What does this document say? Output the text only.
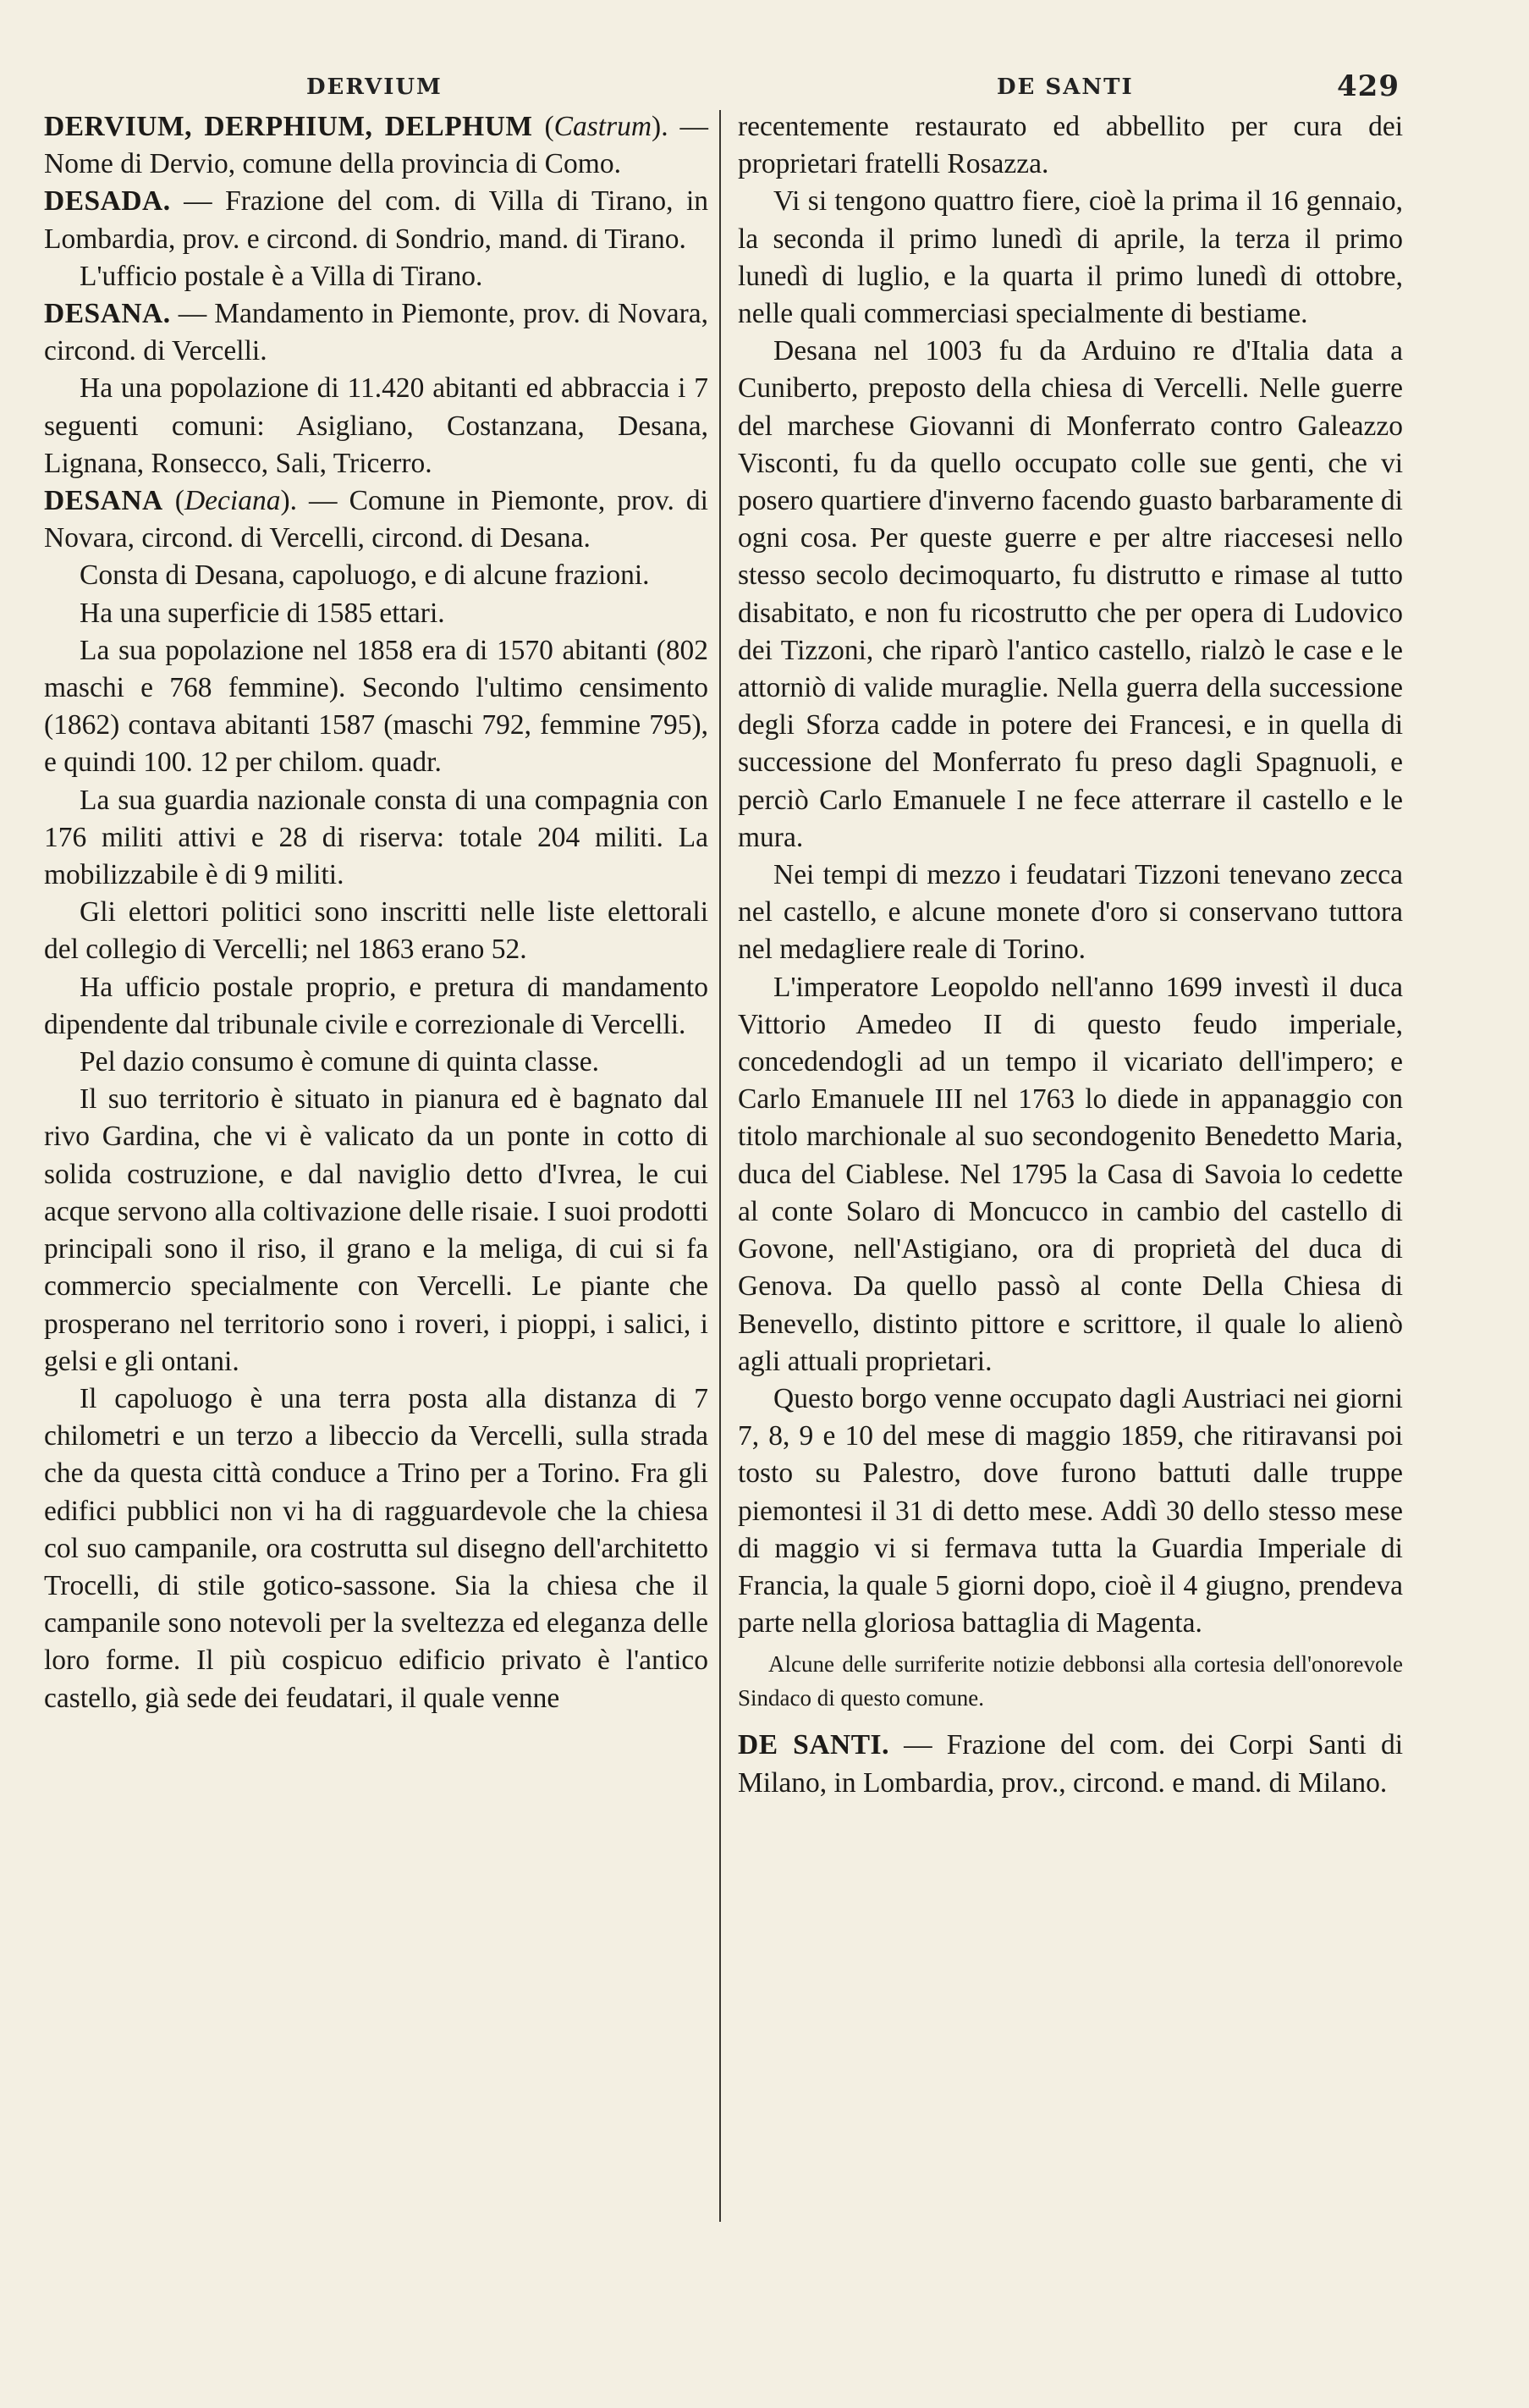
DERVIUM	DE SANTI	429

DERVIUM, DERPHIUM, DELPHUM (Castrum). — Nome di Dervio, comune della provincia di Como.

DESADA. — Frazione del com. di Villa di Tirano, in Lombardia, prov. e circond. di Sondrio, mand. di Tirano.

L'ufficio postale è a Villa di Tirano.

DESANA. — Mandamento in Piemonte, prov. di Novara, circond. di Vercelli.

Ha una popolazione di 11.420 abitanti ed abbraccia i 7 seguenti comuni: Asigliano, Costanzana, Desana, Lignana, Ronsecco, Sali, Tricerro.

DESANA (Deciana). — Comune in Piemonte, prov. di Novara, circond. di Vercelli, circond. di Desana.

Consta di Desana, capoluogo, e di alcune frazioni.

Ha una superficie di 1585 ettari.

La sua popolazione nel 1858 era di 1570 abitanti (802 maschi e 768 femmine). Secondo l'ultimo censimento (1862) contava abitanti 1587 (maschi 792, femmine 795), e quindi 100. 12 per chilom. quadr.

La sua guardia nazionale consta di una compagnia con 176 militi attivi e 28 di riserva: totale 204 militi. La mobilizzabile è di 9 militi.

Gli elettori politici sono inscritti nelle liste elettorali del collegio di Vercelli; nel 1863 erano 52.

Ha ufficio postale proprio, e pretura di mandamento dipendente dal tribunale civile e correzionale di Vercelli.

Pel dazio consumo è comune di quinta classe.

Il suo territorio è situato in pianura ed è bagnato dal rivo Gardina, che vi è valicato da un ponte in cotto di solida costruzione, e dal naviglio detto d'Ivrea, le cui acque servono alla coltivazione delle risaie. I suoi prodotti principali sono il riso, il grano e la meliga, di cui si fa commercio specialmente con Vercelli. Le piante che prosperano nel territorio sono i roveri, i pioppi, i salici, i gelsi e gli ontani.

Il capoluogo è una terra posta alla distanza di 7 chilometri e un terzo a libeccio da Vercelli, sulla strada che da questa città conduce a Trino per a Torino. Fra gli edifici pubblici non vi ha di ragguardevole che la chiesa col suo campanile, ora costrutta sul disegno dell'architetto Trocelli, di stile gotico-sassone. Sia la chiesa che il campanile sono notevoli per la sveltezza ed eleganza delle loro forme. Il più cospicuo edificio privato è l'antico castello, già sede dei feudatari, il quale venne

recentemente restaurato ed abbellito per cura dei proprietari fratelli Rosazza.

Vi si tengono quattro fiere, cioè la prima il 16 gennaio, la seconda il primo lunedì di aprile, la terza il primo lunedì di luglio, e la quarta il primo lunedì di ottobre, nelle quali commerciasi specialmente di bestiame.

Desana nel 1003 fu da Arduino re d'Italia data a Cuniberto, preposto della chiesa di Vercelli. Nelle guerre del marchese Giovanni di Monferrato contro Galeazzo Visconti, fu da quello occupato colle sue genti, che vi posero quartiere d'inverno facendo guasto barbaramente di ogni cosa. Per queste guerre e per altre riaccesesi nello stesso secolo decimoquarto, fu distrutto e rimase al tutto disabitato, e non fu ricostrutto che per opera di Ludovico dei Tizzoni, che riparò l'antico castello, rialzò le case e le attorniò di valide muraglie. Nella guerra della successione degli Sforza cadde in potere dei Francesi, e in quella di successione del Monferrato fu preso dagli Spagnuoli, e perciò Carlo Emanuele I ne fece atterrare il castello e le mura.

Nei tempi di mezzo i feudatari Tizzoni tenevano zecca nel castello, e alcune monete d'oro si conservano tuttora nel medagliere reale di Torino.

L'imperatore Leopoldo nell'anno 1699 investì il duca Vittorio Amedeo II di questo feudo imperiale, concedendogli ad un tempo il vicariato dell'impero; e Carlo Emanuele III nel 1763 lo diede in appanaggio con titolo marchionale al suo secondogenito Benedetto Maria, duca del Ciablese. Nel 1795 la Casa di Savoia lo cedette al conte Solaro di Moncucco in cambio del castello di Govone, nell'Astigiano, ora di proprietà del duca di Genova. Da quello passò al conte Della Chiesa di Benevello, distinto pittore e scrittore, il quale lo alienò agli attuali proprietari.

Questo borgo venne occupato dagli Austriaci nei giorni 7, 8, 9 e 10 del mese di maggio 1859, che ritiravansi poi tosto su Palestro, dove furono battuti dalle truppe piemontesi il 31 di detto mese. Addì 30 dello stesso mese di maggio vi si fermava tutta la Guardia Imperiale di Francia, la quale 5 giorni dopo, cioè il 4 giugno, prendeva parte nella gloriosa battaglia di Magenta.

Alcune delle surriferite notizie debbonsi alla cortesia dell'onorevole Sindaco di questo comune.

DE SANTI. — Frazione del com. dei Corpi Santi di Milano, in Lombardia, prov., circond. e mand. di Milano.
